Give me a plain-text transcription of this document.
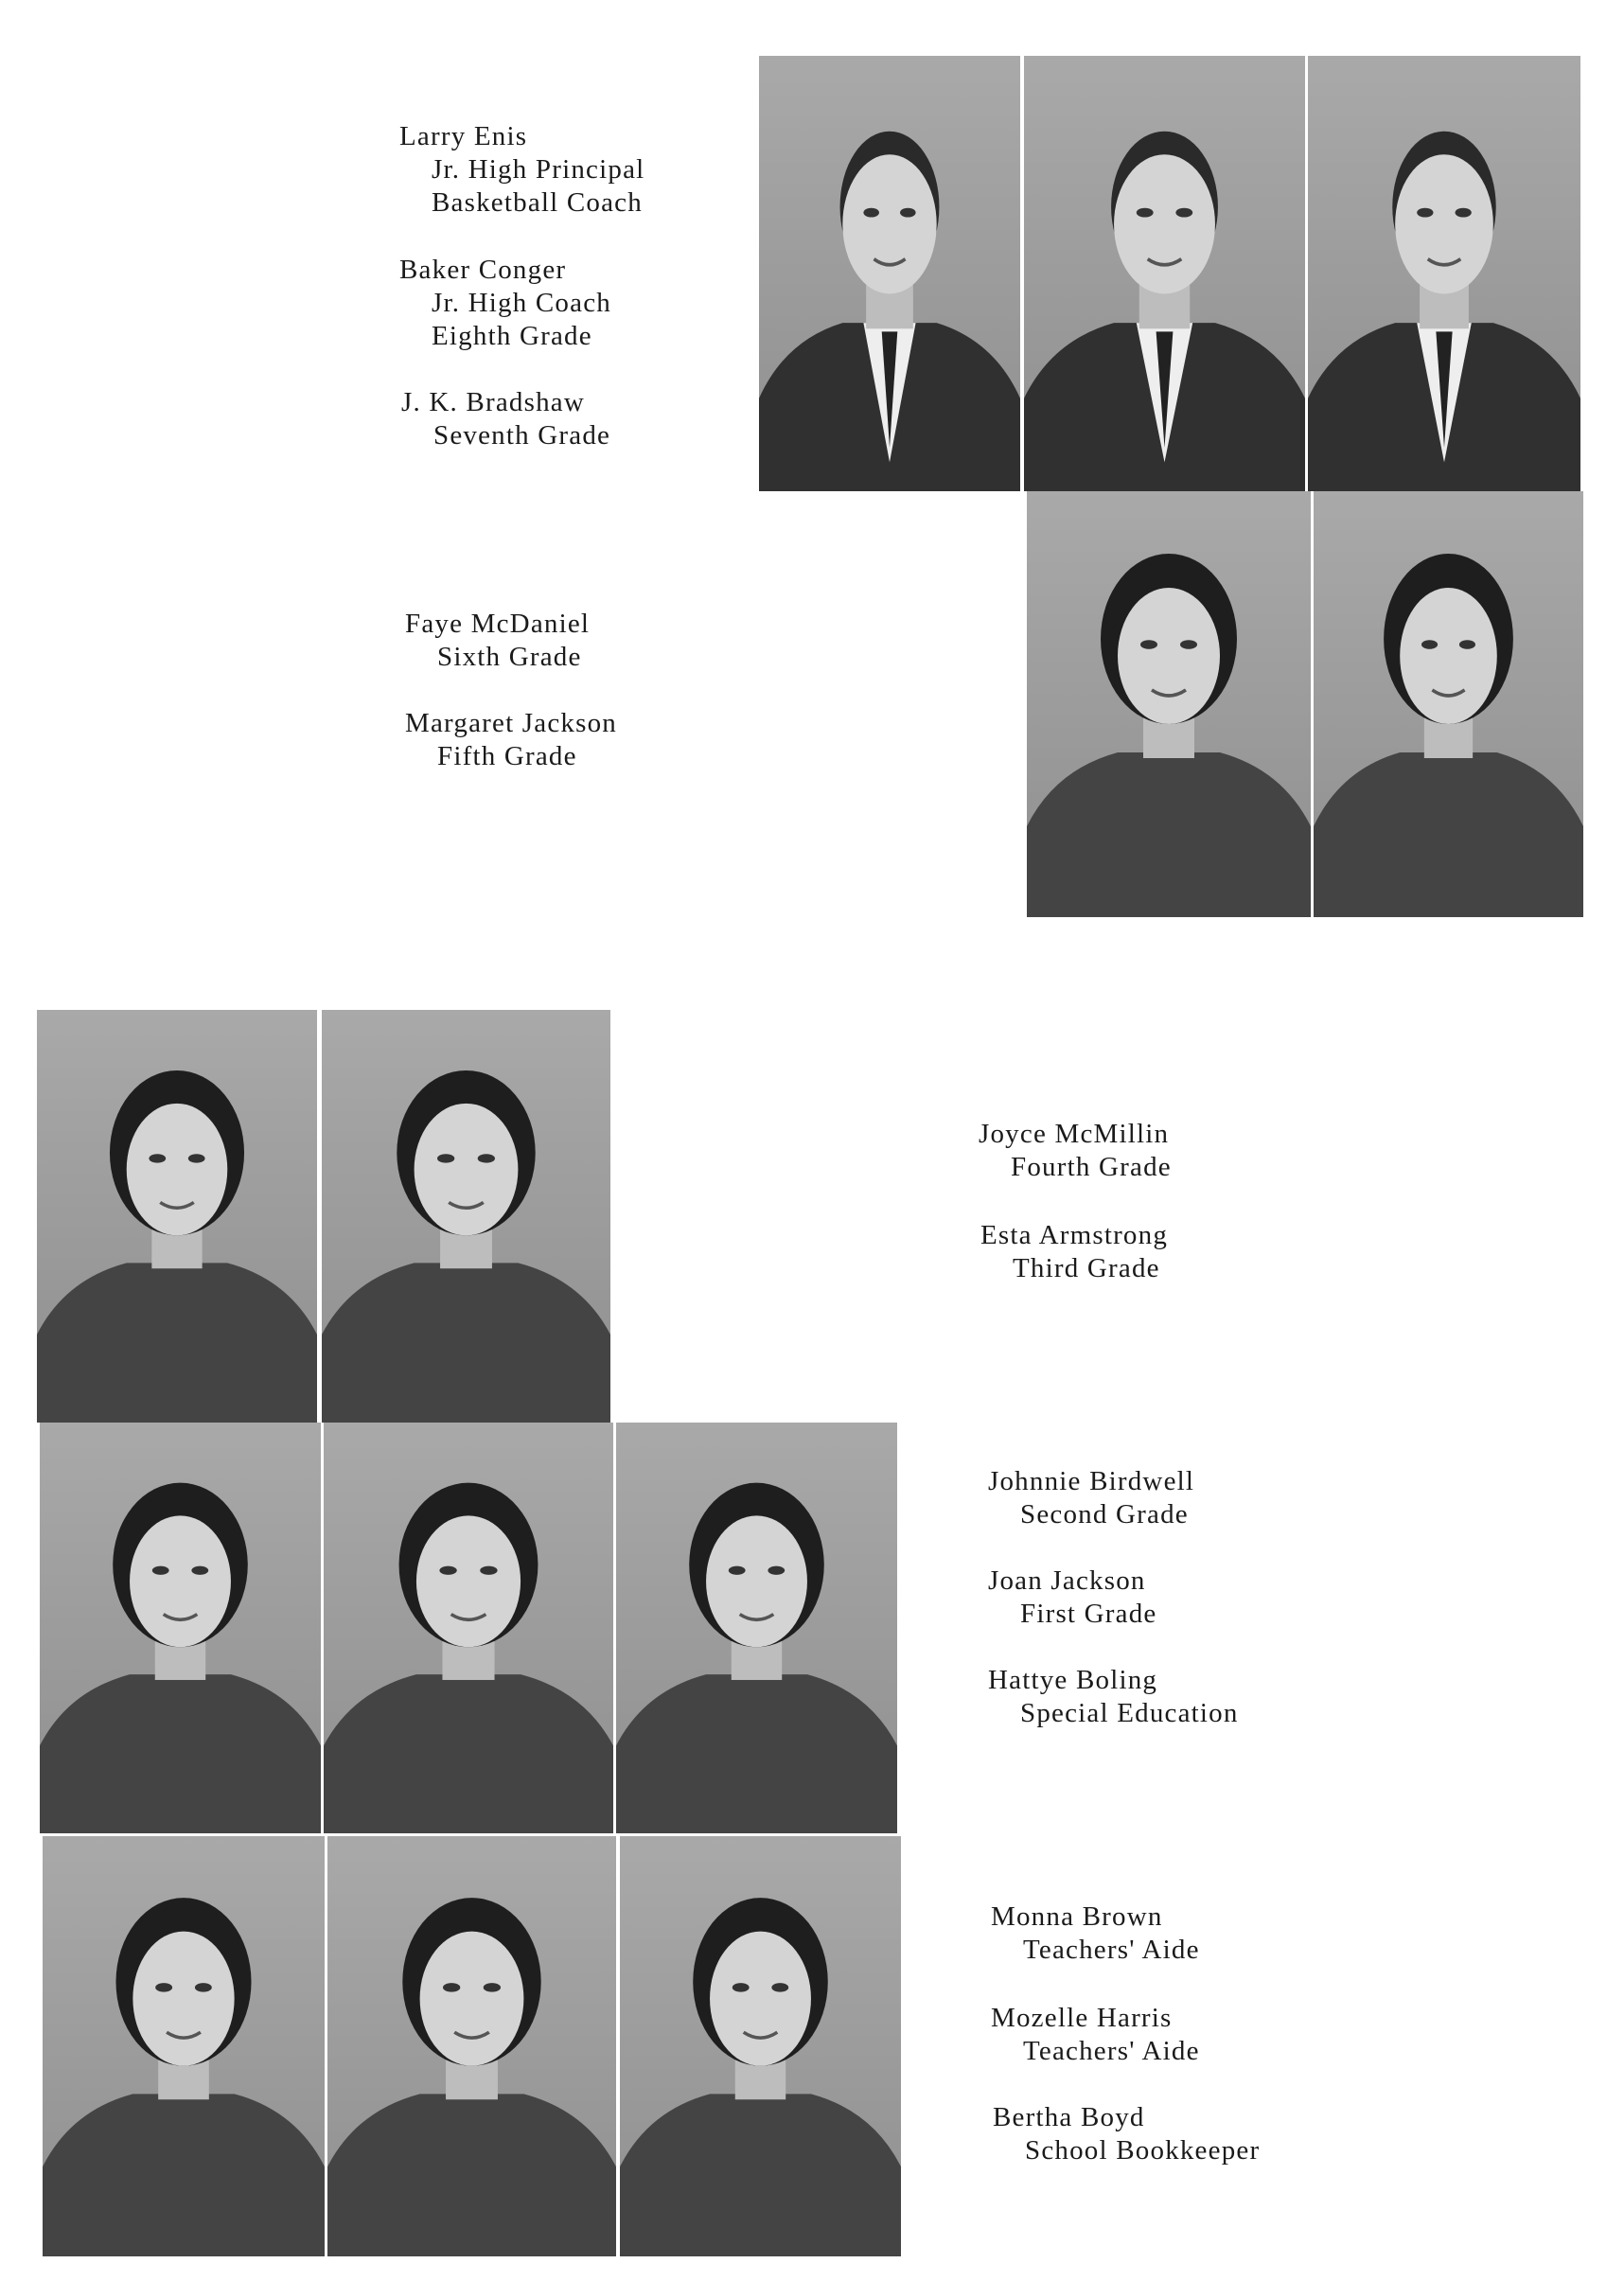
Larry Enis
Jr. High Principal
Basketball Coach
Baker Conger
Jr. High Coach
Eighth Grade
J. K. Bradshaw
Seventh Grade
Faye McDaniel
Sixth Grade
Margaret Jackson
Fifth Grade
Joyce McMillin
Fourth Grade
Esta Armstrong
Third Grade
Johnnie Birdwell
Second Grade
Joan Jackson
First Grade
Hattye Boling
Special Education
Monna Brown
Teachers' Aide
Mozelle Harris
Teachers' Aide
Bertha Boyd
School Bookkeeper
